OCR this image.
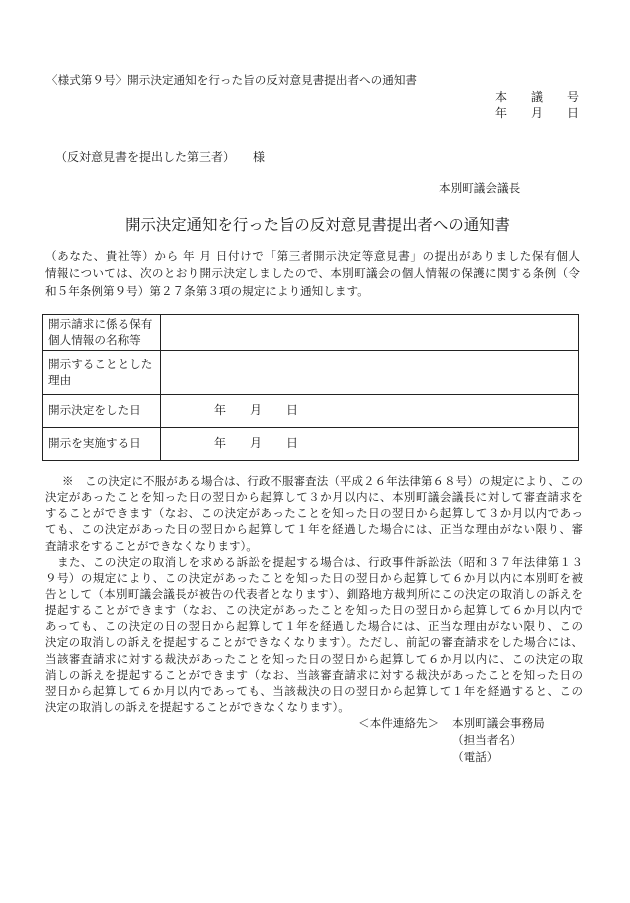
〈様式第９号〉開示決定通知を行った旨の反対意見書提出者への通知書
本　　議　　号
年　　月　　日
（反対意見書を提出した第三者）　　様
本別町議会議長
開示決定通知を行った旨の反対意見書提出者への通知書
（あなた、貴社等）から 年 月 日付けで「第三者開示決定等意見書」の提出がありました保有個人
情報については、次のとおり開示決定しましたので、本別町議会の個人情報の保護に関する条例（令
和５年条例第９号）第２７条第３項の規定により通知します。
開示請求に係る保有
個人情報の名称等	

開示することとした
理由	

開示決定をした日	年　　月　　日

開示を実施する日	年　　月　　日
※　この決定に不服がある場合は、行政不服審査法（平成２６年法律第６８号）の規定により、この
決定があったことを知った日の翌日から起算して３か月以内に、本別町議会議長に対して審査請求を
することができます（なお、この決定があったことを知った日の翌日から起算して３か月以内であっ
ても、この決定があった日の翌日から起算して１年を経過した場合には、正当な理由がない限り、審
査請求をすることができなくなります）。
また、この決定の取消しを求める訴訟を提起する場合は、行政事件訴訟法（昭和３７年法律第１３
９号）の規定により、この決定があったことを知った日の翌日から起算して６か月以内に本別町を被
告として（本別町議会議長が被告の代表者となります）、釧路地方裁判所にこの決定の取消しの訴えを
提起することができます（なお、この決定があったことを知った日の翌日から起算して６か月以内で
あっても、この決定の日の翌日から起算して１年を経過した場合には、正当な理由がない限り、この
決定の取消しの訴えを提起することができなくなります）。ただし、前記の審査請求をした場合には、
当該審査請求に対する裁決があったことを知った日の翌日から起算して６か月以内に、この決定の取
消しの訴えを提起することができます（なお、当該審査請求に対する裁決があったことを知った日の
翌日から起算して６か月以内であっても、当該裁決の日の翌日から起算して１年を経過すると、この
決定の取消しの訴えを提起することができなくなります）。
＜本件連絡先＞ 本別町議会事務局
（担当者名）
（電話）
